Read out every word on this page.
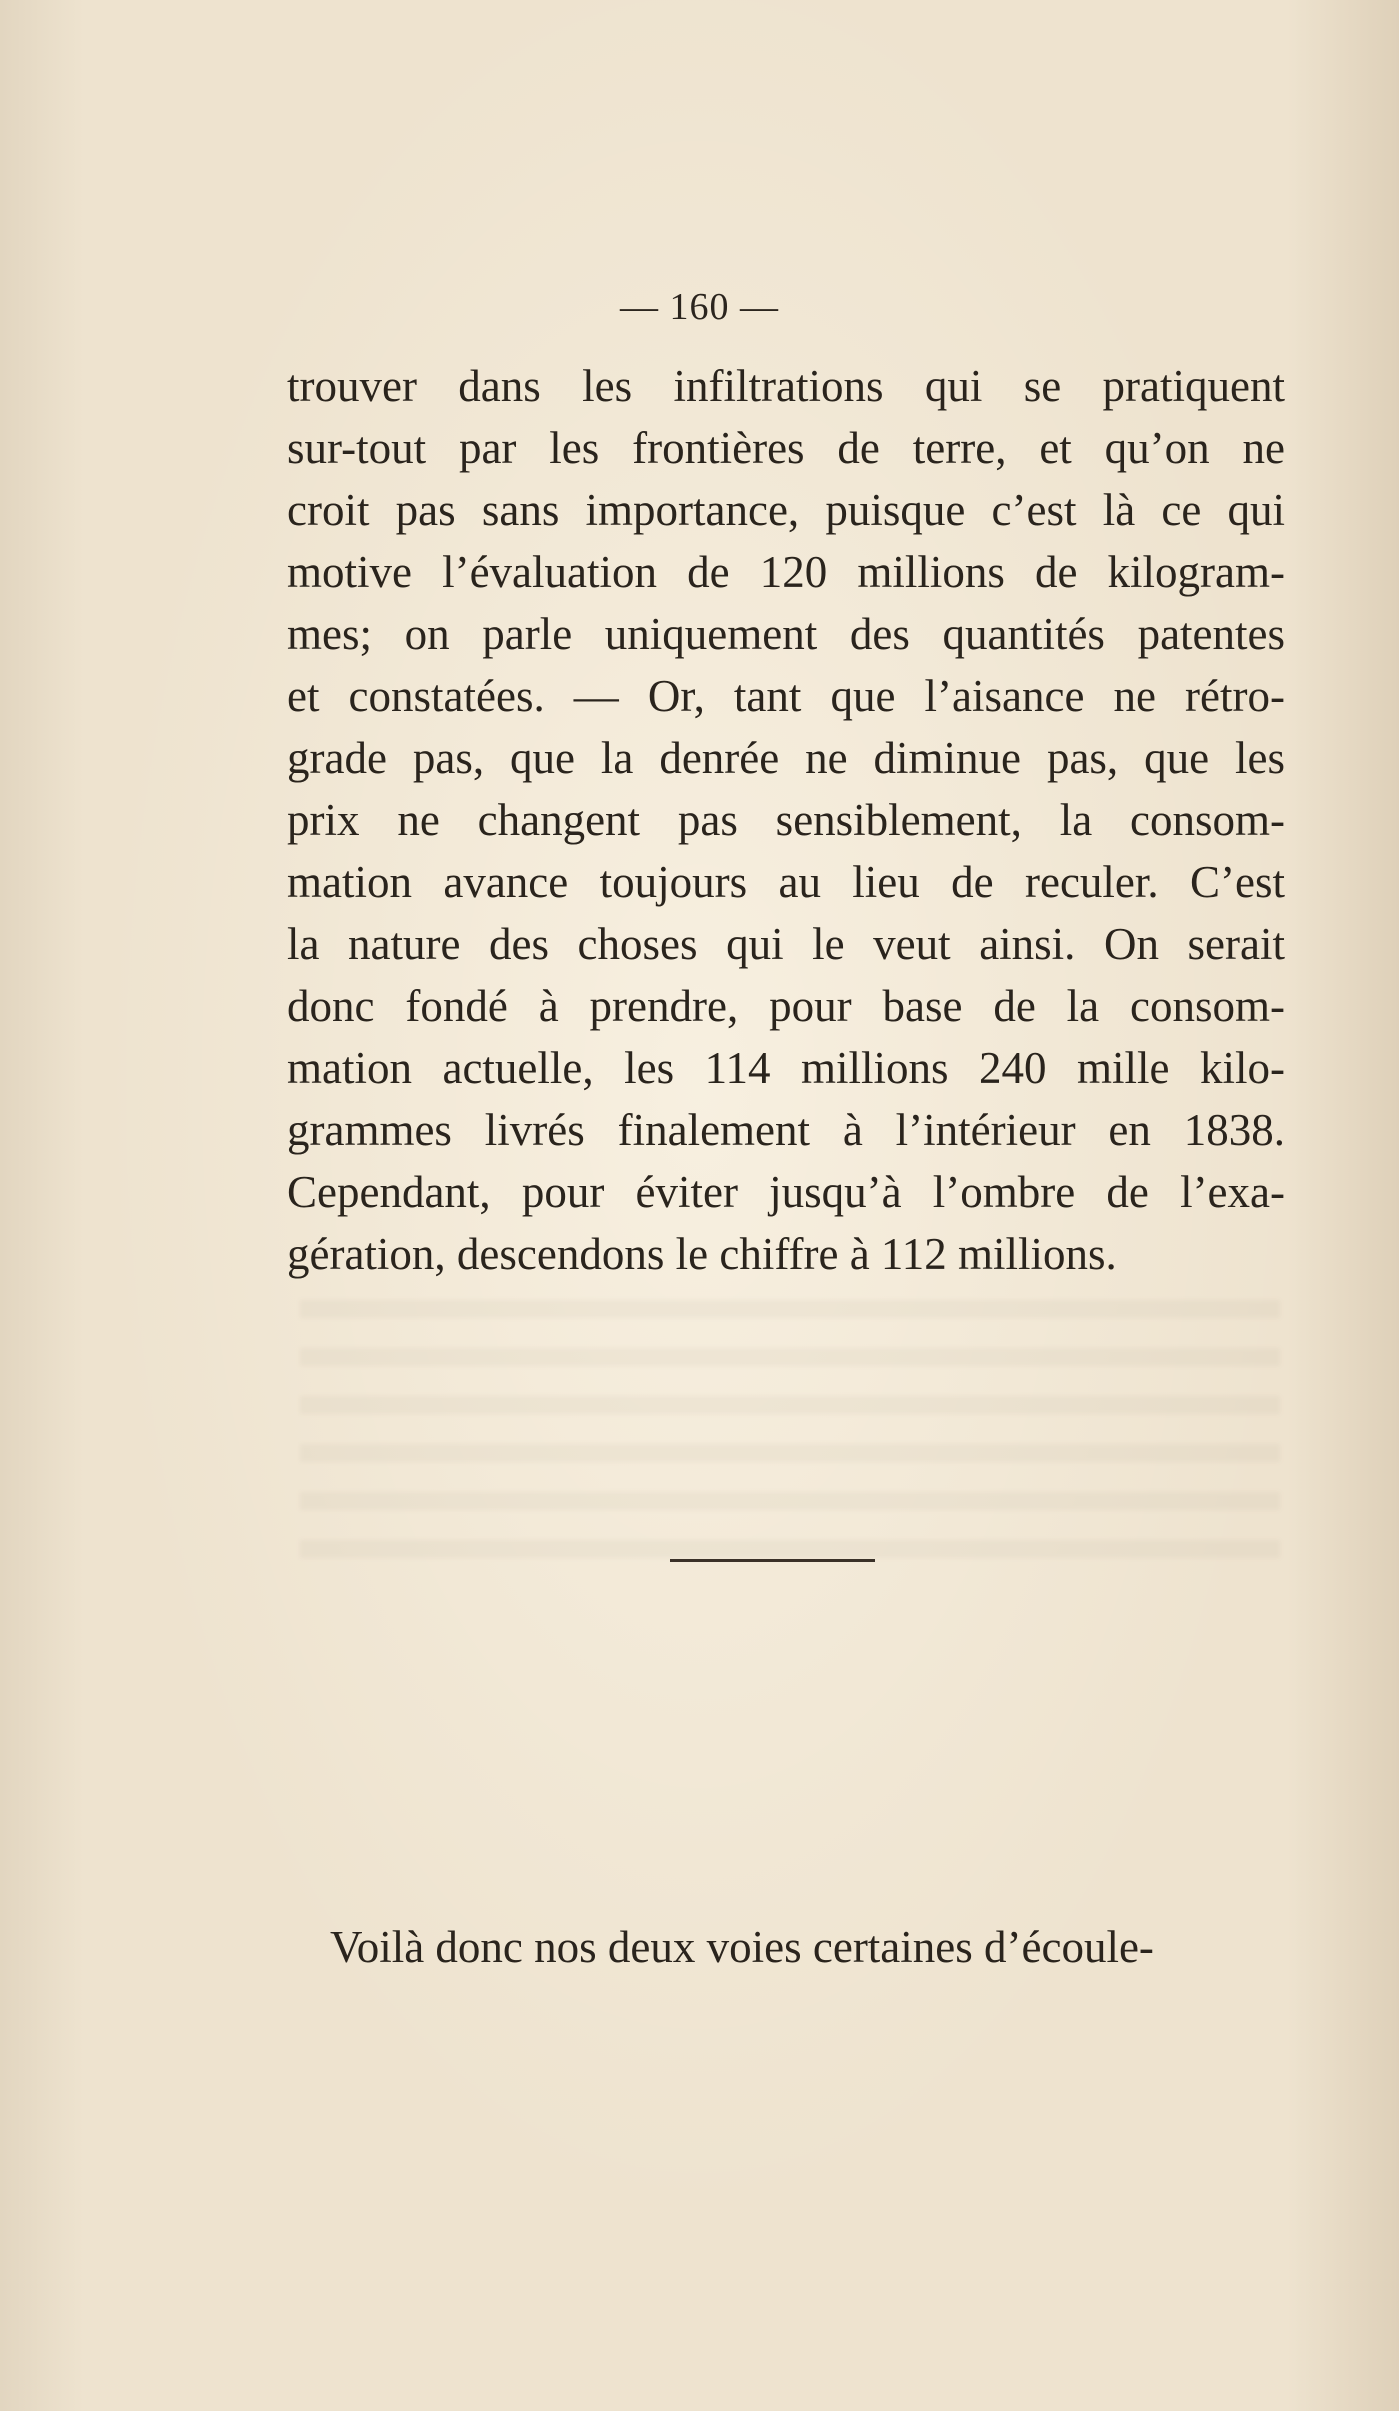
— 160 —
trouver dans les infiltrations qui se pratiquent
sur-tout par les frontières de terre, et qu’on ne
croit pas sans importance, puisque c’est là ce qui
motive l’évaluation de 120 millions de kilogram-
mes; on parle uniquement des quantités patentes
et constatées. — Or, tant que l’aisance ne rétro-
grade pas, que la denrée ne diminue pas, que les
prix ne changent pas sensiblement, la consom-
mation avance toujours au lieu de reculer. C’est
la nature des choses qui le veut ainsi. On serait
donc fondé à prendre, pour base de la consom-
mation actuelle, les 114 millions 240 mille kilo-
grammes livrés finalement à l’intérieur en 1838.
Cependant, pour éviter jusqu’à l’ombre de l’exa-
gération, descendons le chiffre à 112 millions.
Voilà donc nos deux voies certaines d’écoule-
